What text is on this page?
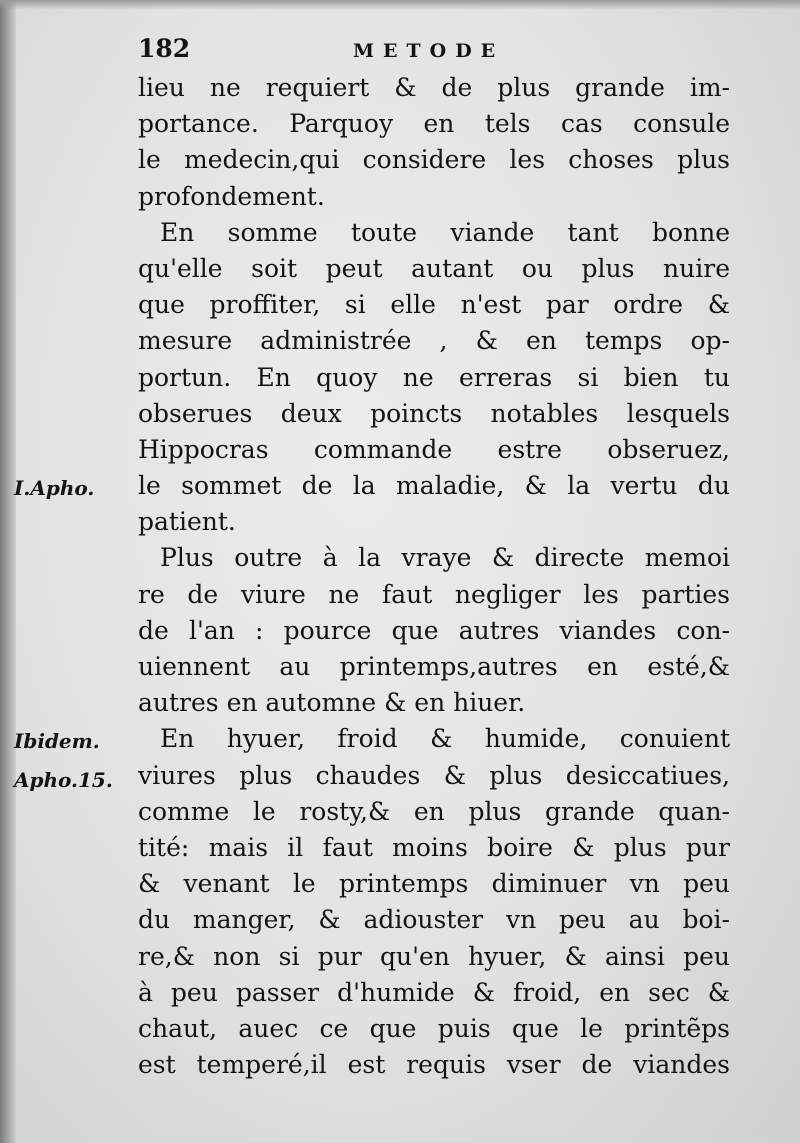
182	METODE
lieu ne requiert & de plus grande im-
portance. Parquoy en tels cas consule
le medecin,qui considere les choses plus
profondement.
En somme toute viande tant bonne
qu'elle soit peut autant ou plus nuire
que proffiter, si elle n'est par ordre &
mesure administrée , & en temps op-
portun. En quoy ne erreras si bien tu
obserues deux poincts notables lesquels
Hippocras commande estre obseruez,
le sommet de la maladie, & la vertu du
patient.
Plus outre à la vraye & directe memoi
re de viure ne faut negliger les parties
de l'an : pource que autres viandes con-
uiennent au printemps,autres en esté,&
autres en automne & en hiuer.
En hyuer, froid & humide, conuient
viures plus chaudes & plus desiccatiues,
comme le rosty,& en plus grande quan-
tité: mais il faut moins boire & plus pur
& venant le printemps diminuer vn peu
du manger, & adiouster vn peu au boi-
re,& non si pur qu'en hyuer, & ainsi peu
à peu passer d'humide & froid, en sec &
chaut, auec ce que puis que le printẽps
est temperé,il est requis vser de viandes
I.Apho.
Ibidem.
Apho.15.
